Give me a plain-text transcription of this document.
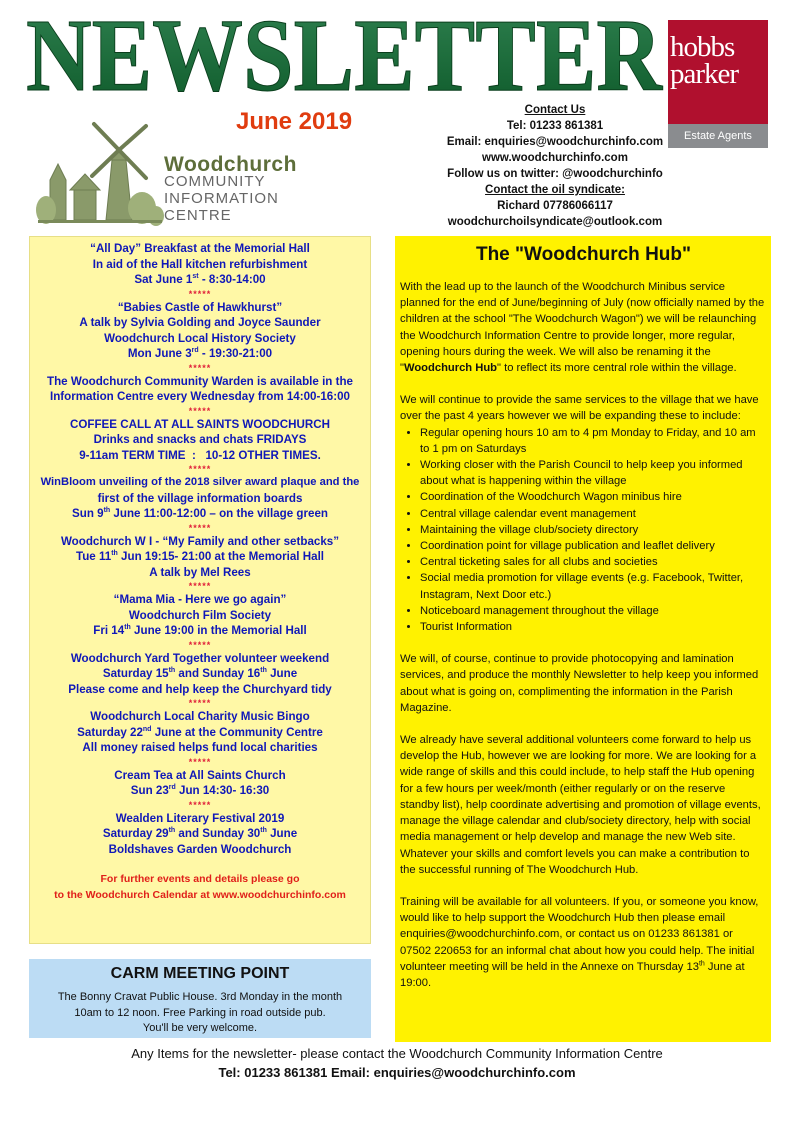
NEWSLETTER hobbs
parker
Estate Agents
June 2019
Woodchurch
COMMUNITY
INFORMATION
CENTRE
Contact Us
Tel: 01233 861381
Email: enquiries@woodchurchinfo.com
www.woodchurchinfo.com
Follow us on twitter: @woodchurchinfo
Contact the oil syndicate:
Richard 07786066117
woodchurchoilsyndicate@outlook.com
“All Day” Breakfast at the Memorial Hall
In aid of the Hall kitchen refurbishment
Sat June 1st - 8:30-14:00
*****
“Babies Castle of Hawkhurst”
A talk by Sylvia Golding and Joyce Saunder
Woodchurch Local History Society
Mon June 3rd - 19:30-21:00
*****
The Woodchurch Community Warden is available in the
Information Centre every Wednesday from 14:00-16:00
*****
COFFEE CALL AT ALL SAINTS WOODCHURCH
Drinks and snacks and chats FRIDAYS
9-11am TERM TIME  :   10-12 OTHER TIMES.
*****
WinBloom unveiling of the 2018 silver award plaque and the
first of the village information boards
Sun 9th June 11:00-12:00 – on the village green
*****
Woodchurch W I - “My Family and other setbacks”
Tue 11th Jun 19:15- 21:00 at the Memorial Hall
A talk by Mel Rees
*****
“Mama Mia - Here we go again”
Woodchurch Film Society
Fri 14th June 19:00 in the Memorial Hall
*****
Woodchurch Yard Together volunteer weekend
Saturday 15th and Sunday 16th June
Please come and help keep the Churchyard tidy
*****
Woodchurch Local Charity Music Bingo
Saturday 22nd June at the Community Centre
All money raised helps fund local charities
*****
Cream Tea at All Saints Church
Sun 23rd Jun 14:30- 16:30
*****
Wealden Literary Festival 2019
Saturday 29th and Sunday 30th June
Boldshaves Garden Woodchurch
For further events and details please go
to the Woodchurch Calendar at www.woodchurchinfo.com
CARM MEETING POINT

The Bonny Cravat Public House. 3rd Monday in the month
10am to 12 noon. Free Parking in road outside pub.
You'll be very welcome.

The "Woodchurch Hub"

With the lead up to the launch of the Woodchurch Minibus service planned for the end of June/beginning of July (now officially named by the children at the school "The Woodchurch Wagon") we will be relaunching the Woodchurch Information Centre to provide longer, more regular, opening hours during the week. We will also be renaming it the "Woodchurch Hub" to reflect its more central role within the village.

We will continue to provide the same services to the village that we have over the past 4 years however we will be expanding these to include:

• Regular opening hours 10 am to 4 pm Monday to Friday, and 10 am to 1 pm on Saturdays
• Working closer with the Parish Council to help keep you informed about what is happening within the village
• Coordination of the Woodchurch Wagon minibus hire
• Central village calendar event management
• Maintaining the village club/society directory
• Coordination point for village publication and leaflet delivery
• Central ticketing sales for all clubs and societies
• Social media promotion for village events (e.g. Facebook, Twitter, Instagram, Next Door etc.)
• Noticeboard management throughout the village
• Tourist Information

We will, of course, continue to provide photocopying and lamination services, and produce the monthly Newsletter to help keep you informed about what is going on, complimenting the information in the Parish Magazine.

We already have several additional volunteers come forward to help us develop the Hub, however we are looking for more. We are looking for a wide range of skills and this could include, to help staff the Hub opening for a few hours per week/month (either regularly or on the reserve standby list), help coordinate advertising and promotion of village events, manage the village calendar and club/society directory, help with social media management or help develop and manage the new Web site. Whatever your skills and comfort levels you can make a contribution to the successful running of The Woodchurch Hub.

Training will be available for all volunteers. If you, or someone you know, would like to help support the Woodchurch Hub then please email enquiries@woodchurchinfo.com, or contact us on 01233 861381 or 07502 220653 for an informal chat about how you could help. The initial volunteer meeting will be held in the Annexe on Thursday 13th June at 19:00.

Any Items for the newsletter- please contact the Woodchurch Community Information Centre
Tel: 01233 861381 Email: enquiries@woodchurchinfo.com
